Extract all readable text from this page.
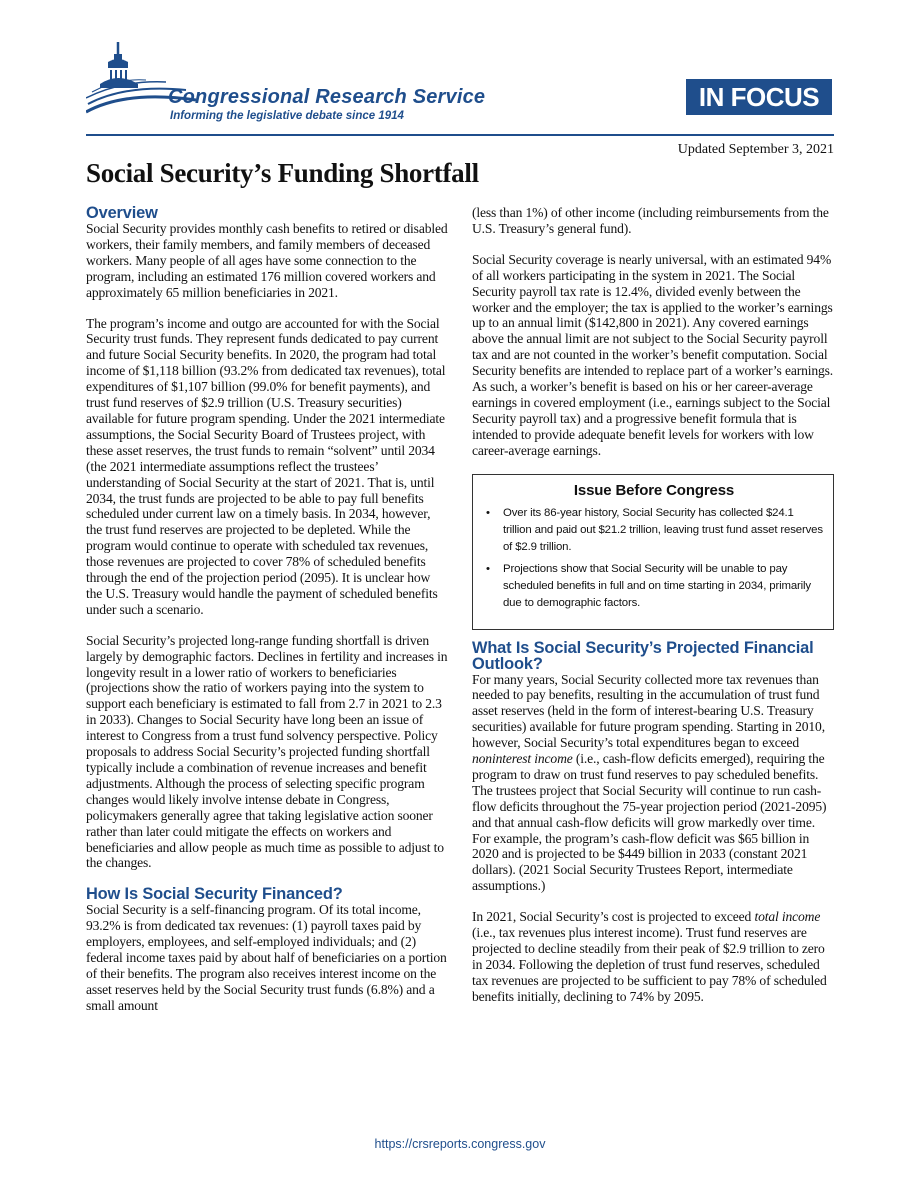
Congressional Research Service
Informing the legislative debate since 1914
IN FOCUS
Updated September 3, 2021
Social Security’s Funding Shortfall
Overview

Social Security provides monthly cash benefits to retired or disabled workers, their family members, and family members of deceased workers. Many people of all ages have some connection to the program, including an estimated 176 million covered workers and approximately 65 million beneficiaries in 2021.

The program’s income and outgo are accounted for with the Social Security trust funds. They represent funds dedicated to pay current and future Social Security benefits. In 2020, the program had total income of $1,118 billion (93.2% from dedicated tax revenues), total expenditures of $1,107 billion (99.0% for benefit payments), and trust fund reserves of $2.9 trillion (U.S. Treasury securities) available for future program spending. Under the 2021 intermediate assumptions, the Social Security Board of Trustees project, with these asset reserves, the trust funds to remain “solvent” until 2034 (the 2021 intermediate assumptions reflect the trustees’ understanding of Social Security at the start of 2021. That is, until 2034, the trust funds are projected to be able to pay full benefits scheduled under current law on a timely basis. In 2034, however, the trust fund reserves are projected to be depleted. While the program would continue to operate with scheduled tax revenues, those revenues are projected to cover 78% of scheduled benefits through the end of the projection period (2095). It is unclear how the U.S. Treasury would handle the payment of scheduled benefits under such a scenario.

Social Security’s projected long-range funding shortfall is driven largely by demographic factors. Declines in fertility and increases in longevity result in a lower ratio of workers to beneficiaries (projections show the ratio of workers paying into the system to support each beneficiary is estimated to fall from 2.7 in 2021 to 2.3 in 2033). Changes to Social Security have long been an issue of interest to Congress from a trust fund solvency perspective. Policy proposals to address Social Security’s projected funding shortfall typically include a combination of revenue increases and benefit adjustments. Although the process of selecting specific program changes would likely involve intense debate in Congress, policymakers generally agree that taking legislative action sooner rather than later could mitigate the effects on workers and beneficiaries and allow people as much time as possible to adjust to the changes.

How Is Social Security Financed?

Social Security is a self-financing program. Of its total income, 93.2% is from dedicated tax revenues: (1) payroll taxes paid by employers, employees, and self-employed individuals; and (2) federal income taxes paid by about half of beneficiaries on a portion of their benefits. The program also receives interest income on the asset reserves held by the Social Security trust funds (6.8%) and a small amount

(less than 1%) of other income (including reimbursements from the U.S. Treasury’s general fund).

Social Security coverage is nearly universal, with an estimated 94% of all workers participating in the system in 2021. The Social Security payroll tax rate is 12.4%, divided evenly between the worker and the employer; the tax is applied to the worker’s earnings up to an annual limit ($142,800 in 2021). Any covered earnings above the annual limit are not subject to the Social Security payroll tax and are not counted in the worker’s benefit computation. Social Security benefits are intended to replace part of a worker’s earnings. As such, a worker’s benefit is based on his or her career-average earnings in covered employment (i.e., earnings subject to the Social Security payroll tax) and a progressive benefit formula that is intended to provide adequate benefit levels for workers with low career-average earnings.

Issue Before Congress
• Over its 86-year history, Social Security has collected $24.1 trillion and paid out $21.2 trillion, leaving trust fund asset reserves of $2.9 trillion.
• Projections show that Social Security will be unable to pay scheduled benefits in full and on time starting in 2034, primarily due to demographic factors.
What Is Social Security’s Projected Financial Outlook?

For many years, Social Security collected more tax revenues than needed to pay benefits, resulting in the accumulation of trust fund asset reserves (held in the form of interest-bearing U.S. Treasury securities) available for future program spending. Starting in 2010, however, Social Security’s total expenditures began to exceed noninterest income (i.e., cash-flow deficits emerged), requiring the program to draw on trust fund reserves to pay scheduled benefits. The trustees project that Social Security will continue to run cash-flow deficits throughout the 75-year projection period (2021-2095) and that annual cash-flow deficits will grow markedly over time. For example, the program’s cash-flow deficit was $65 billion in 2020 and is projected to be $449 billion in 2033 (constant 2021 dollars). (2021 Social Security Trustees Report, intermediate assumptions.)

In 2021, Social Security’s cost is projected to exceed total income (i.e., tax revenues plus interest income). Trust fund reserves are projected to decline steadily from their peak of $2.9 trillion to zero in 2034. Following the depletion of trust fund reserves, scheduled tax revenues are projected to be sufficient to pay 78% of scheduled benefits initially, declining to 74% by 2095.

https://crsreports.congress.gov
